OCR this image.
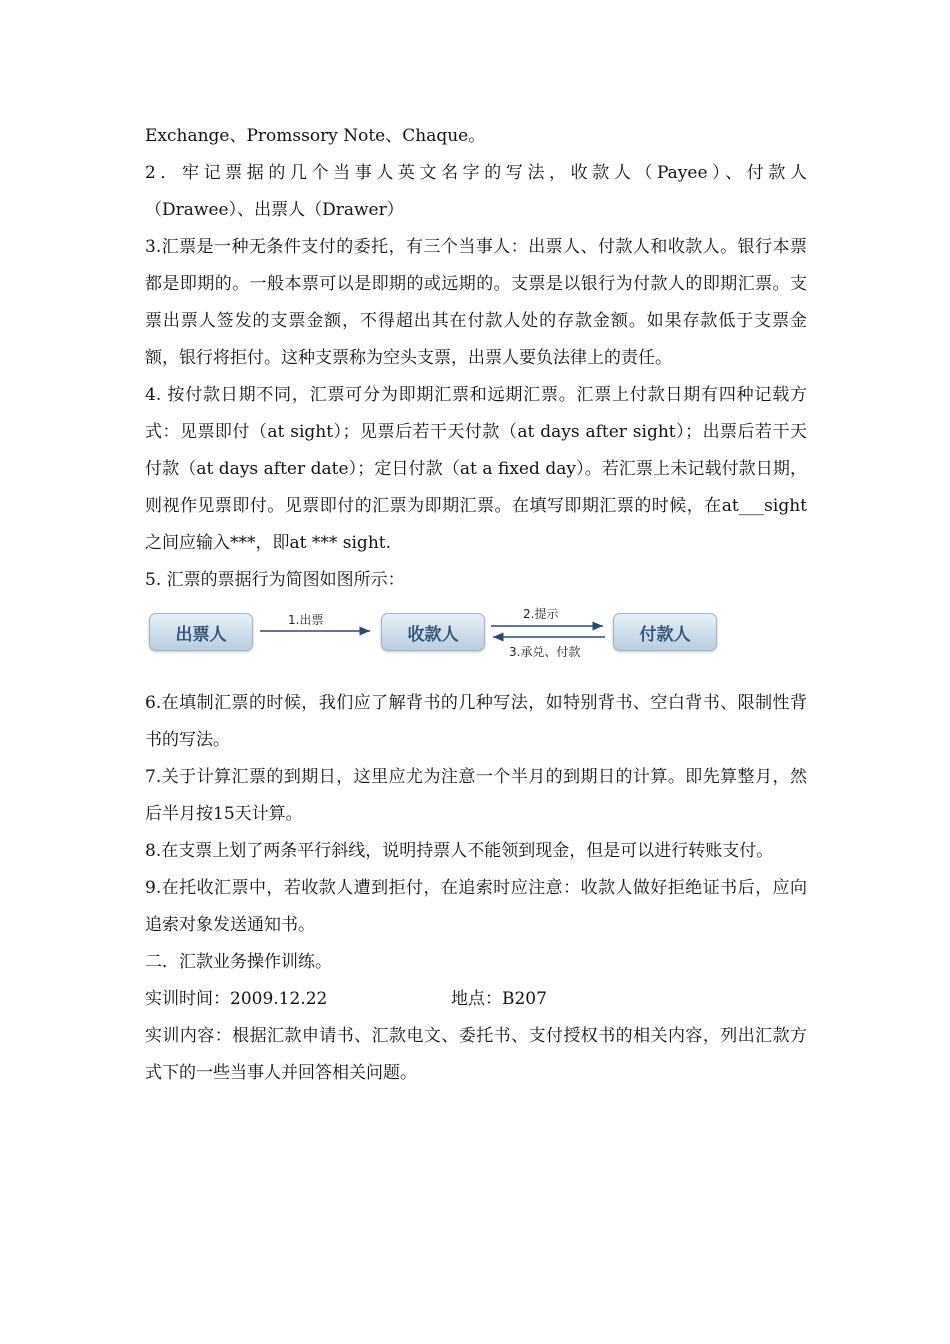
Exchange、Promssory Note、Chaque。

2．牢记票据的几个当事人英文名字的写法，收款人（Payee）、付款人

（Drawee）、出票人（Drawer）

3.汇票是一种无条件支付的委托，有三个当事人：出票人、付款人和收款人。银行本票都是即期的。一般本票可以是即期的或远期的。支票是以银行为付款人的即期汇票。支票出票人签发的支票金额，不得超出其在付款人处的存款金额。如果存款低于支票金额，银行将拒付。这种支票称为空头支票，出票人要负法律上的责任。

4. 按付款日期不同，汇票可分为即期汇票和远期汇票。汇票上付款日期有四种记载方式：见票即付（at sight）；见票后若干天付款（at days after sight）；出票后若干天付款（at days after date）；定日付款（at a fixed day）。若汇票上未记载付款日期，则视作见票即付。见票即付的汇票为即期汇票。在填写即期汇票的时候，在at___sight之间应输入***，即at *** sight.

5. 汇票的票据行为简图如图所示：

出票人	收款人	付款人
1.出票	2.提示
3.承兑、付款

6.在填制汇票的时候，我们应了解背书的几种写法，如特别背书、空白背书、限制性背书的写法。

7.关于计算汇票的到期日，这里应尤为注意一个半月的到期日的计算。即先算整月，然后半月按15天计算。

8.在支票上划了两条平行斜线，说明持票人不能领到现金，但是可以进行转账支付。

9.在托收汇票中，若收款人遭到拒付，在追索时应注意：收款人做好拒绝证书后，应向追索对象发送通知书。

二．汇款业务操作训练。

实训时间：2009.12.22	地点：B207

实训内容：根据汇款申请书、汇款电文、委托书、支付授权书的相关内容，列出汇款方式下的一些当事人并回答相关问题。
